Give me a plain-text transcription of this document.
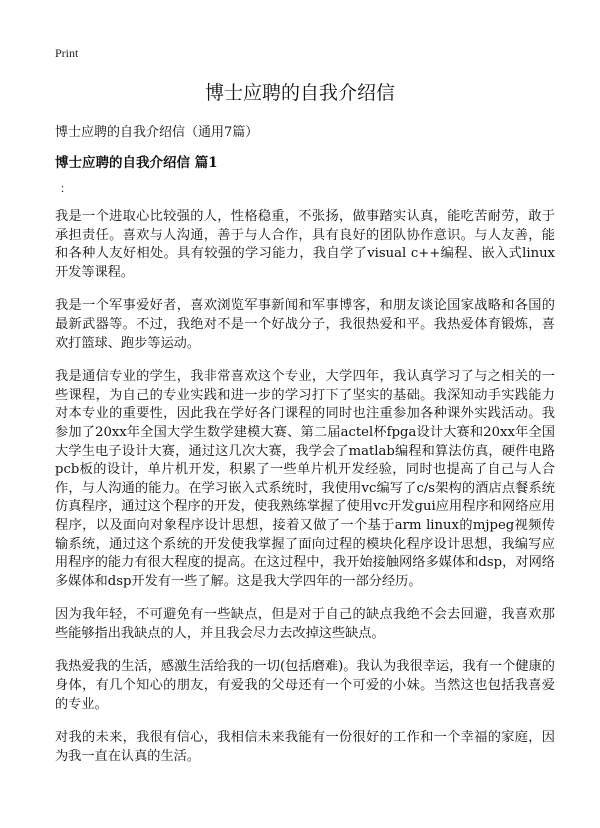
Print
博士应聘的自我介绍信
博士应聘的自我介绍信（通用7篇）
博士应聘的自我介绍信 篇1
：

我是一个进取心比较强的人，性格稳重，不张扬，做事踏实认真，能吃苦耐劳，敢于承担责任。喜欢与人沟通，善于与人合作，具有良好的团队协作意识。与人友善，能和各种人友好相处。具有较强的学习能力，我自学了visual c++编程、嵌入式linux开发等课程。

我是一个军事爱好者，喜欢浏览军事新闻和军事博客，和朋友谈论国家战略和各国的最新武器等。不过，我绝对不是一个好战分子，我很热爱和平。我热爱体育锻炼，喜欢打篮球、跑步等运动。

我是通信专业的学生，我非常喜欢这个专业，大学四年，我认真学习了与之相关的一些课程，为自己的专业实践和进一步的学习打下了坚实的基础。我深知动手实践能力对本专业的重要性，因此我在学好各门课程的同时也注重参加各种课外实践活动。我参加了20xx年全国大学生数学建模大赛、第二届actel杯fpga设计大赛和20xx年全国大学生电子设计大赛，通过这几次大赛，我学会了matlab编程和算法仿真，硬件电路pcb板的设计，单片机开发，积累了一些单片机开发经验，同时也提高了自己与人合作，与人沟通的能力。在学习嵌入式系统时，我使用vc编写了c/s架构的酒店点餐系统仿真程序，通过这个程序的开发，使我熟练掌握了使用vc开发gui应用程序和网络应用程序，以及面向对象程序设计思想，接着又做了一个基于arm linux的mjpeg视频传输系统，通过这个系统的开发使我掌握了面向过程的模块化程序设计思想，我编写应用程序的能力有很大程度的提高。在这过程中，我开始接触网络多媒体和dsp，对网络多媒体和dsp开发有一些了解。这是我大学四年的一部分经历。

因为我年轻，不可避免有一些缺点，但是对于自己的缺点我绝不会去回避，我喜欢那些能够指出我缺点的人，并且我会尽力去改掉这些缺点。

我热爱我的生活，感激生活给我的一切(包括磨难)。我认为我很幸运，我有一个健康的身体，有几个知心的朋友，有爱我的父母还有一个可爱的小妹。当然这也包括我喜爱的专业。

对我的未来，我很有信心，我相信未来我能有一份很好的工作和一个幸福的家庭，因为我一直在认真的生活。
